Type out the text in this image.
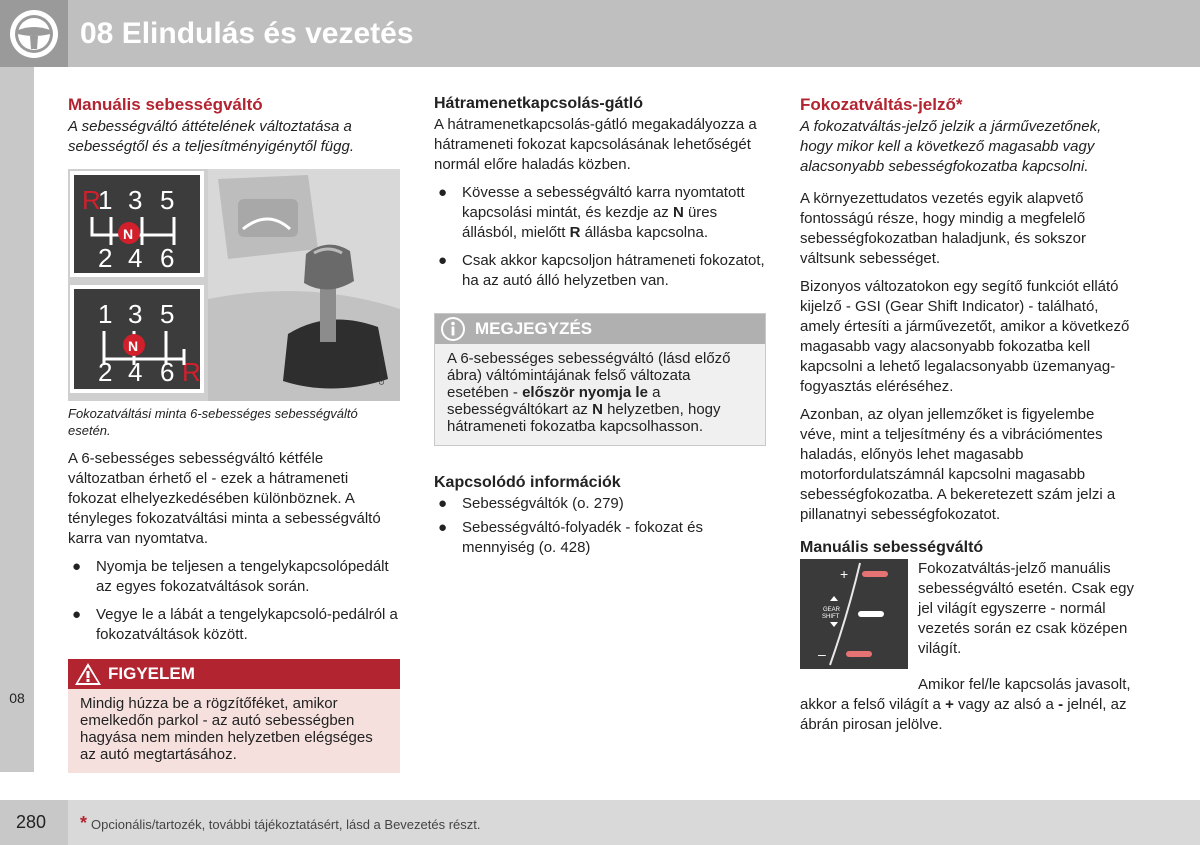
08 Elindulás és vezetés
08
280 * Opcionális/tartozék, további tájékoztatásért, lásd a Bevezetés részt.
Manuális sebességváltó

A sebességváltó áttételének változtatása a sebességtől és a teljesítményigénytől függ.

R
1 3 5
2 4 6
N
1 3 5
2 4 6 R
N
G046098

Fokozatváltási minta 6-sebességes sebességváltó esetén.

A 6-sebességes sebességváltó kétféle változatban érhető el - ezek a hátrameneti fokozat elhelyezkedésében különböznek. A tényleges fokozatváltási minta a sebességváltó karra van nyomtatva.

● Nyomja be teljesen a tengelykapcsolópedált az egyes fokozatváltások során.
● Vegye le a lábát a tengelykapcsoló-pedálról a fokozatváltások között.
FIGYELEM
Mindig húzza be a rögzítőféket, amikor emelkedőn parkol - az autó sebességben hagyása nem minden helyzetben elégséges az autó megtartásához.
Hátramenetkapcsolás-gátló

A hátramenetkapcsolás-gátló megakadályozza a hátrameneti fokozat kapcsolásának lehetőségét normál előre haladás közben.

● Kövesse a sebességváltó karra nyomtatott kapcsolási mintát, és kezdje az N üres állásból, mielőtt R állásba kapcsolna.
● Csak akkor kapcsoljon hátrameneti fokozatot, ha az autó álló helyzetben van.
MEGJEGYZÉS
A 6-sebességes sebességváltó (lásd előző ábra) váltómintájának felső változata esetében - először nyomja le a sebességváltókart az N helyzetben, hogy hátrameneti fokozatba kapcsolhasson.
Kapcsolódó információk
● Sebességváltók (o. 279)
● Sebességváltó-folyadék - fokozat és mennyiség (o. 428)
Fokozatváltás-jelző*

A fokozatváltás-jelző jelzik a járművezetőnek, hogy mikor kell a következő magasabb vagy alacsonyabb sebességfokozatba kapcsolni.

A környezettudatos vezetés egyik alapvető fontosságú része, hogy mindig a megfelelő sebességfokozatban haladjunk, és sokszor váltsunk sebességet.

Bizonyos változatokon egy segítő funkciót ellátó kijelző - GSI (Gear Shift Indicator) - található, amely értesíti a járművezetőt, amikor a következő magasabb vagy alacsonyabb fokozatba kell kapcsolni a lehető legalacsonyabb üzemanyag-fogyasztás eléréséhez.

Azonban, az olyan jellemzőket is figyelembe véve, mint a teljesítmény és a vibrációmentes haladás, előnyös lehet magasabb motorfordulatszámnál kapcsolni magasabb sebességfokozatba. A bekeretezett szám jelzi a pillanatnyi sebességfokozatot.

Manuális sebességváltó
+
–
GEAR
SHIFT
Fokozatváltás-jelző manuális sebességváltó esetén. Csak egy jel világít egyszerre - normál vezetés során ez csak középen világít.

Amikor fel/le kapcsolás javasolt, akkor a felső világít a + vagy az alsó a - jelnél, az ábrán pirosan jelölve.
